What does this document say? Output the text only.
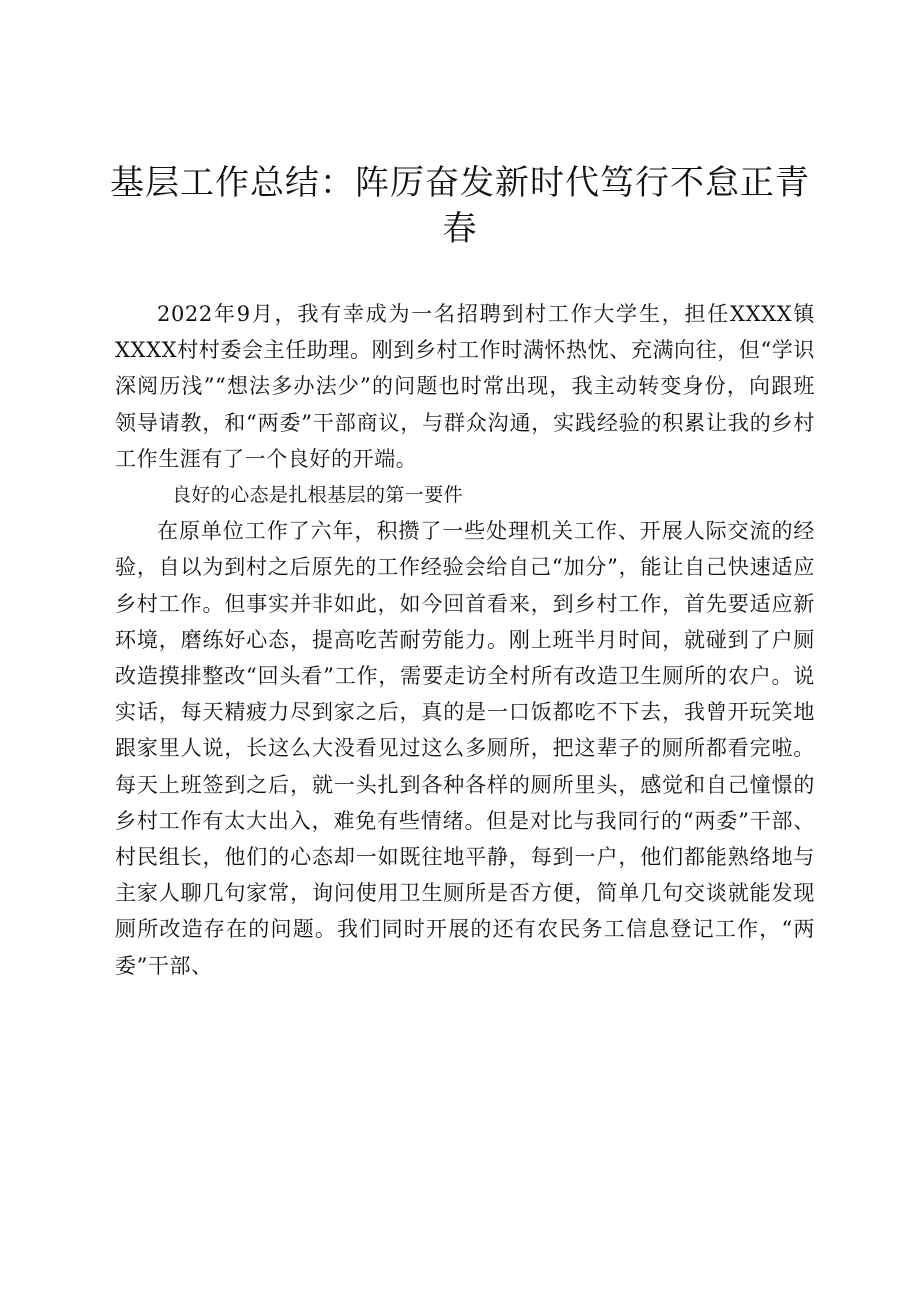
基层工作总结：阵厉奋发新时代笃行不怠正青春

2022年9月，我有幸成为一名招聘到村工作大学生，担任XXXX镇XXXX村村委会主任助理。刚到乡村工作时满怀热忱、充满向往，但“学识深阅历浅”“想法多办法少”的问题也时常出现，我主动转变身份，向跟班领导请教，和“两委”干部商议，与群众沟通，实践经验的积累让我的乡村工作生涯有了一个良好的开端。

良好的心态是扎根基层的第一要件

在原单位工作了六年，积攒了一些处理机关工作、开展人际交流的经验，自以为到村之后原先的工作经验会给自己“加分”，能让自己快速适应乡村工作。但事实并非如此，如今回首看来，到乡村工作，首先要适应新环境，磨练好心态，提高吃苦耐劳能力。刚上班半月时间，就碰到了户厕改造摸排整改“回头看”工作，需要走访全村所有改造卫生厕所的农户。说实话，每天精疲力尽到家之后，真的是一口饭都吃不下去，我曾开玩笑地跟家里人说，长这么大没看见过这么多厕所，把这辈子的厕所都看完啦。每天上班签到之后，就一头扎到各种各样的厕所里头，感觉和自己憧憬的乡村工作有太大出入，难免有些情绪。但是对比与我同行的“两委”干部、村民组长，他们的心态却一如既往地平静，每到一户，他们都能熟络地与主家人聊几句家常，询问使用卫生厕所是否方便，简单几句交谈就能发现厕所改造存在的问题。我们同时开展的还有农民务工信息登记工作，“两委”干部、
